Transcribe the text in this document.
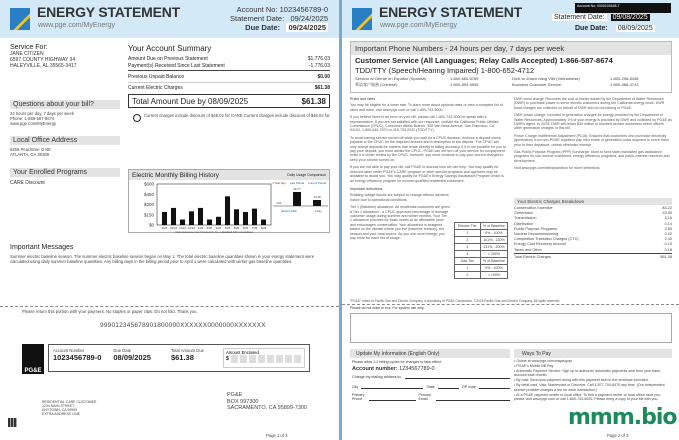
ENERGY STATEMENT
www.pge.com/MyEnergy
Account No: 1023456789-0
Statement Date: 09/24/2025
Due Date: 09/24/2025
Service For:
JANE CITIZEN
6597 COUNTY HIGHWAY 34
HALEYVILLE, AL 35565-3417
Your Account Summary
Amount Due on Previous Statement	$1,776.03
Payment(s) Received Since Last Statement	-1,776.03
Previous Unpaid Balance	$0.00
Current Electric Charges	$61.38
Total Amount Due by 08/09/2025	$61.38
Questions about your bill?
24 hours per day, 7 days per week
Phone: 1-866-587-8674
www.pge.com/MyEnergy
Current charges include discount of $46.02 for CARE.Current charges include discount of $46.02 for
Local Office Address
9258 Peachtree st NE
ATLANTA, GA 30309
Your Enrolled Programs
CARE Discount
Electric Monthly Billing History	Daily Usage Comparison
$0
$150
$300
$450
$600
9/24 10/24 11/24 12/24 1/25 2/25 3/25 4/25 5/25 6/25 7/25 8/25
Visit www.pge.com/myenergy for a detailed bill comparison
1 Year Ago
N/A
Last Period
30.77
Current Period
14.38
Electric kWh	1 Day
Important Messages
Summer electric baseline season. The summer electric baseline season began on May 1. The total electric baseline quantities shown in your energy statement were calculated using daily summer baseline quantities. Any billing days in the billing period prior to April 1 were calculated with winter gas baseline quantities.
Please return this portion with your payment. No staples or paper clips. Do not fold. Thank you.
999012345678901800000XXXXXX0000000XXXXXXX
PG&E
Account Number
1023456789-0
Due Date
08/09/2025
Total Amount Due
$61.38
Amount Enclosed
$
RESIDENTIAL CARE CUSTOMER
1234 MAIN STREET
ANYTOWN, CA 99999
EXTRA ADDRESS LINE
PG&E
BOX 997300
SACRAMENTO, CA 95899-7300
Page 1 of 3
ENERGY STATEMENT
www.pge.com/MyEnergy
Account No: 0000100445-7
Statement Date: 09/08/2025
Due Date: 08/09/2025
Important Phone Numbers - 24 hours per day, 7 days per week
Customer Service (All Languages; Relay Calls Accepted) 1-866-587-8674
TDD/TTY (Speech/Hearing Impaired) 1-800-652-4712
Servicio al Cliente en Español (Spanish)	1-800-660-6789	Dịch vụ khách hàng Việt (Vietnamese)	1-800-298-8438
華語客戶服務 (Chinese)	1-800-893-9555	Business Customer Service	1-800-468-4743
Rules and rates

You may be eligible for a lower rate. To learn more about optional rates or view a complete list of rates and rules, visit www.pge.com or call 1-800-743-5000.

If you believe there is an error on your bill, please call 1-800-743-5000 to speak with a representative. If you are not satisfied with our response, contact the California Public Utilities Commission (CPUC), Consumer Affairs Branch, 505 Van Ness Avenue, San Francisco, CA 94102, 1-800-649-7570 or 415-703-2032 (TDD/TTY).

To avoid having service turned off while you wait for a CPUC decision, enclose a deposit check payable to the CPUC for the disputed amount and a description of the dispute. The CPUC will only accept deposits for matters that relate directly to billing accuracy. If it is not possible for you to pay your deposit, you must advise the CPUC. PG&E can not turn off your service for nonpayment while it is under review by the CPUC, however, you must continue to pay your current charges to keep your service turned on.

If you are not able to pay your bill, call PG&E to discuss how we can help. You may qualify for reduced rates under PG&E's CARE program or other special programs and agencies may be available to assist you. You may qualify for PG&E's Energy Savings Assistance Program which is an energy efficiency program for income-qualified residential customers.

Important definitions

Rotating outage blocks are subject to change without advance notice due to operational conditions.

Tier 1 (Baseline) allowance: All residential customers are given a Tier 1 allowance - a CPUC approved percentage of average customer usage during summer and winter months. Your Tier 1 allowance provides for basic needs at an affordable price and encourages conservation. Your allowance is assigned based on the climate where you live (baseline territory), the season and your heat source. As you use more energy, you pay more for each tier of usage.

Electric Tier	% of Baseline
1	0% - 100%
2	101% - 130%
3	131% - 200%
4	> 200%
Gas Tier	% of Baseline
1	0% - 100%
2	> 100%

DWR bond charge: Recovers the cost of bonds issued by the Department of Water Resources (DWR) to purchase power to serve electric customers during the California energy crisis. DWR bond charges are collected on behalf of DWR and do not belong to PG&E.

DWR power charge: Included in generation charges for energy provided by the Department of Water Resources. Approximately 1% of your energy is provided by DWR and collected by PG&E as DWR's agent. In 2025, DWR will return $35 million to bundled service customers which offsets other generation charges in this bill.

Power Charge Indifference Adjustment (PCIA): Ensures that customers who purchase electricity (generation) from non-PG&E suppliers pay their share of generation costs acquired to serve them prior to their departure, unless otherwise exempt.

Gas Public Purpose Program (PPP) Surcharge: Used to fund state-mandated gas assistance programs for low-income customers, energy efficiency programs, and public-interest research and development.

Visit www.pge.com/billexplanation for more definitions.

Your Electric Charges Breakdown
Conservation Incentive	-$4.22
Generation	49.83
Transmission	8.16
Distribution	0.14
Public Purpose Programs	3.85
Nuclear Decommissioning	0.02
Competition Transition Charges (CTC)	2.40
Energy Cost Recovery Amount	-0.13
Taxes and Other	0.18
Total Electric Charges	$61.38
"PG&E" refers to Pacific Gas and Electric Company, a subsidiary of PG&E Corporation. ©2025 Pacific Gas and Electric Company. All rights reserved.
Please do not mark in box. For system use only.
Update My Information (English Only)
Please allow 1-2 billing cycles for changes to take effect.
Account number: 1234567789-0
Change my mailing address to:
City	State	ZIP code
Primary Phone
Primary Email
Ways To Pay
• Online at www.pge.com/waystopay
• PG&E's Mobile Bill Pay
• Automatic Payment Service: Sign up to authorize automatic payments sent from your bank account each month.
• By mail: Send your payment along with this payment stub in the envelope provided.
• By debit card, Visa, Mastercard or Discover: Call 1-877-704-8470 any time. (Our independent service provider charges a fee for each transaction.)
• At a PG&E payment center or local office: To find a payment center or local office near you, please visit www.pge.com or call 1-800-743-5000. Please bring a copy of your bill with you.
mmm.bio
Page 2 of 3
